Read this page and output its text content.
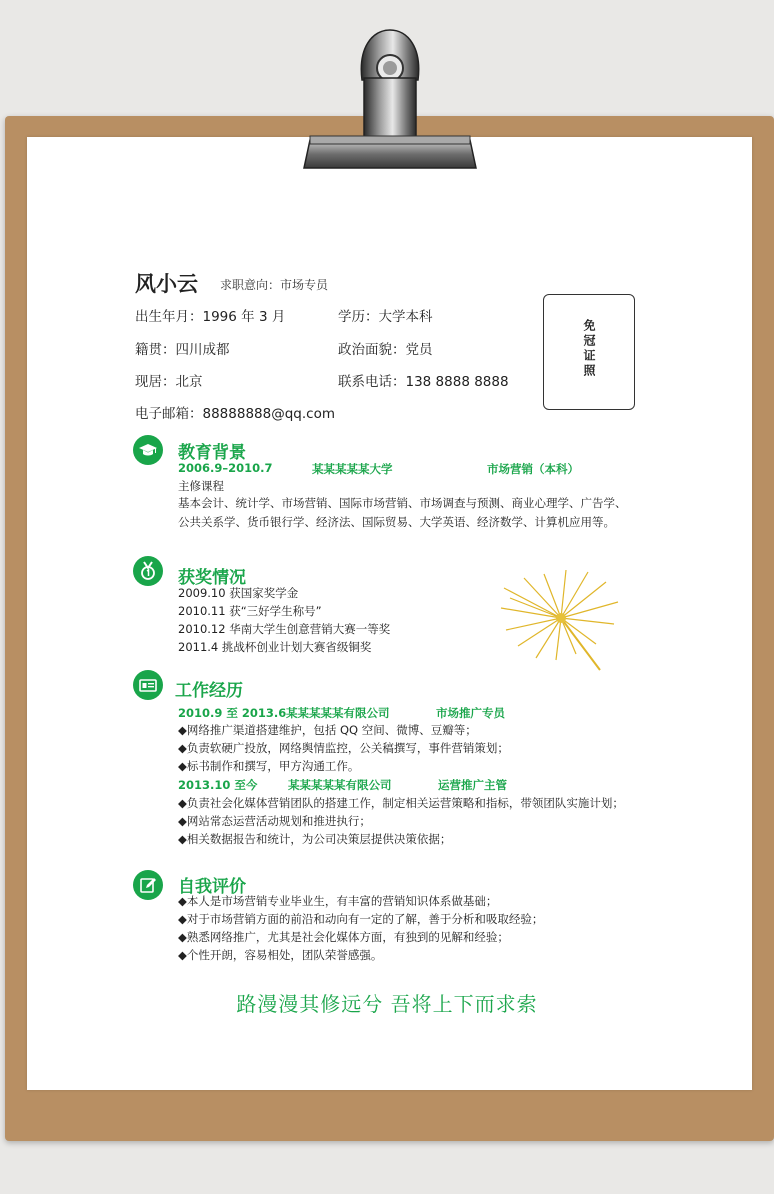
风小云 求职意向：市场专员
出生年月：1996 年 3 月	学历：大学本科
籍贯：四川成都	政治面貌：党员
现居：北京	联系电话：138 8888 8888
电子邮箱：88888888@qq.com
免冠证照
教育背景
2006.9–2010.7	某某某某某大学	市场营销（本科）
主修课程
基本会计、统计学、市场营销、国际市场营销、市场调查与预测、商业心理学、广告学、公共关系学、货币银行学、经济法、国际贸易、大学英语、经济数学、计算机应用等。
获奖情况
2009.10 获国家奖学金
2010.11 获“三好学生称号”
2010.12 华南大学生创意营销大赛一等奖
2011.4 挑战杯创业计划大赛省级铜奖
工作经历
2010.9 至 2013.6 某某某某某有限公司	市场推广专员
◆网络推广渠道搭建维护，包括 QQ 空间、微博、豆瓣等；
◆负责软硬广投放，网络舆情监控，公关稿撰写，事件营销策划；
◆标书制作和撰写，甲方沟通工作。
2013.10 至今	某某某某某有限公司	运营推广主管
◆负责社会化媒体营销团队的搭建工作，制定相关运营策略和指标，带领团队实施计划；
◆网站常态运营活动规划和推进执行；
◆相关数据报告和统计，为公司决策层提供决策依据；
自我评价
◆本人是市场营销专业毕业生，有丰富的营销知识体系做基础；
◆对于市场营销方面的前沿和动向有一定的了解，善于分析和吸取经验；
◆熟悉网络推广，尤其是社会化媒体方面，有独到的见解和经验；
◆个性开朗，容易相处，团队荣誉感强。
路漫漫其修远兮 吾将上下而求索
